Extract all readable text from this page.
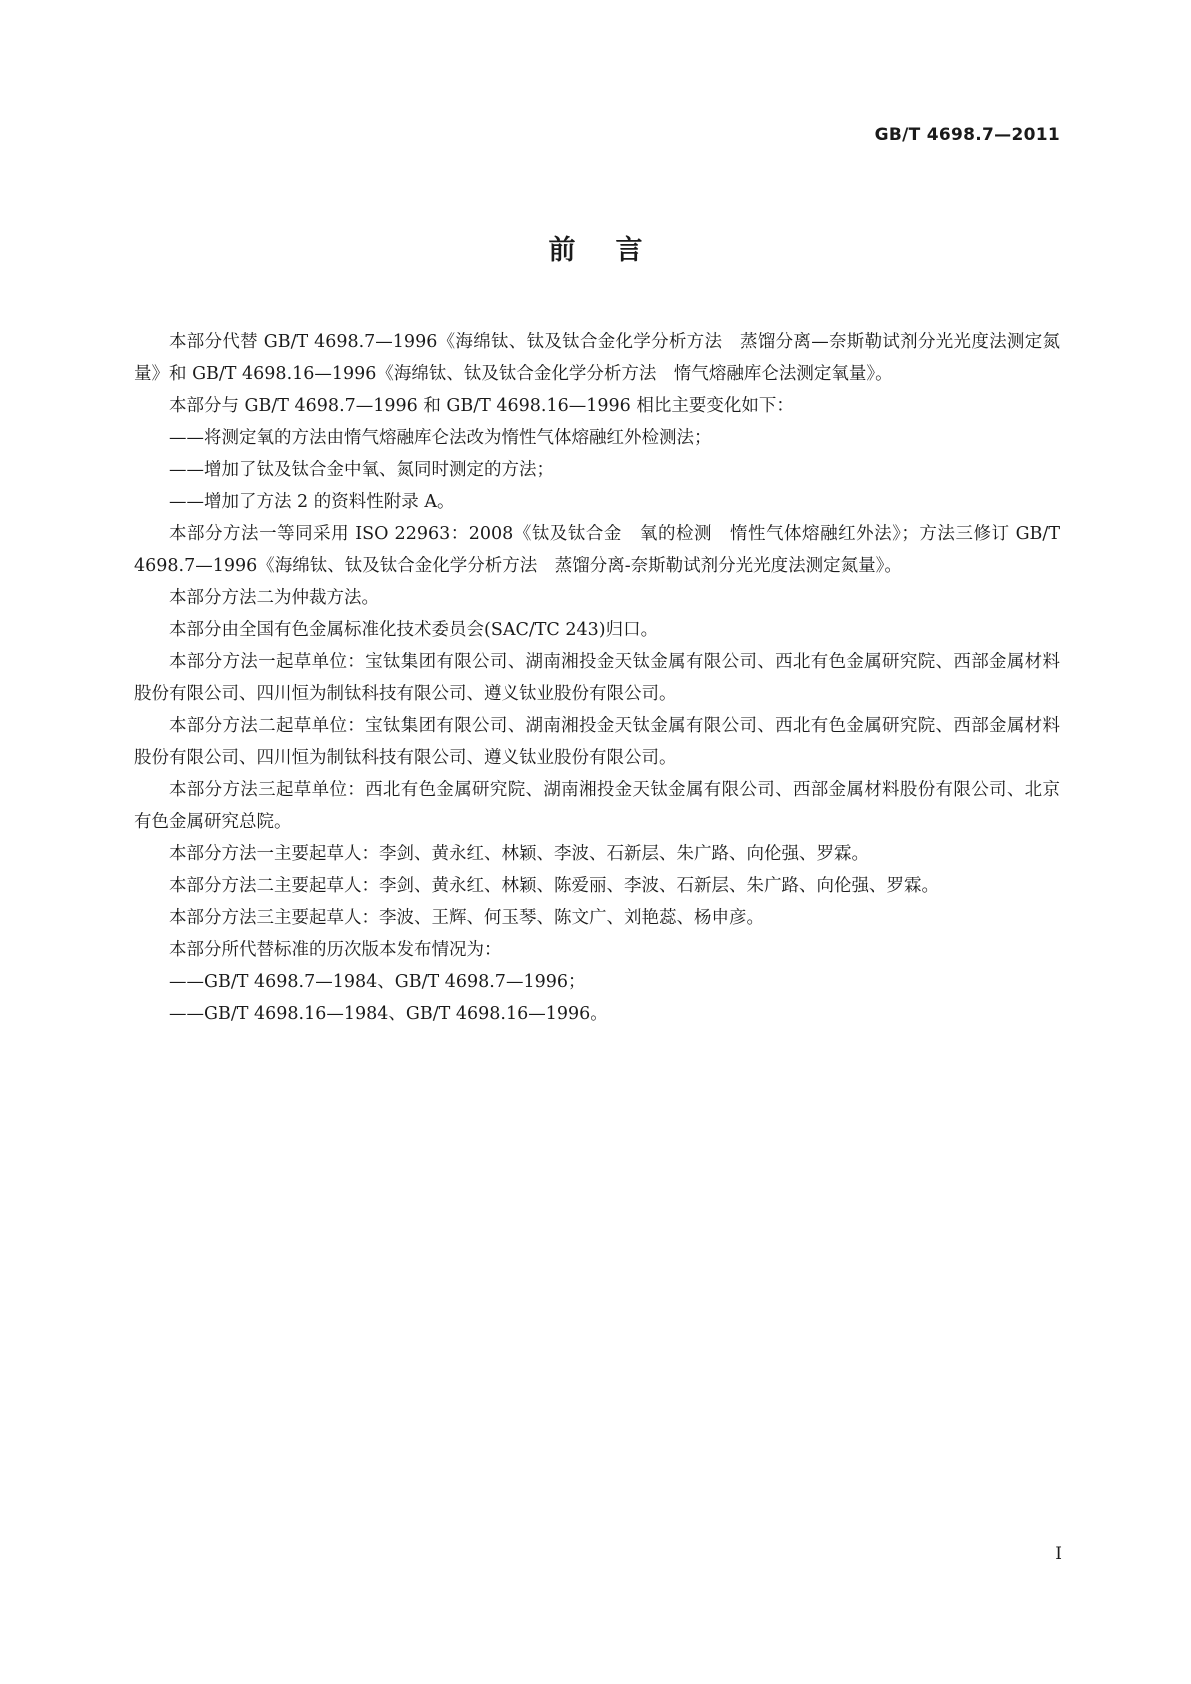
GB/T 4698.7—2011
前言

本部分代替 GB/T 4698.7—1996《海绵钛、钛及钛合金化学分析方法　蒸馏分离—奈斯勒试剂分光光度法测定氮量》和 GB/T 4698.16—1996《海绵钛、钛及钛合金化学分析方法　惰气熔融库仑法测定氧量》。

本部分与 GB/T 4698.7—1996 和 GB/T 4698.16—1996 相比主要变化如下：

——将测定氧的方法由惰气熔融库仑法改为惰性气体熔融红外检测法；

——增加了钛及钛合金中氧、氮同时测定的方法；

——增加了方法 2 的资料性附录 A。

本部分方法一等同采用 ISO 22963：2008《钛及钛合金　氧的检测　惰性气体熔融红外法》；方法三修订 GB/T 4698.7—1996《海绵钛、钛及钛合金化学分析方法　蒸馏分离-奈斯勒试剂分光光度法测定氮量》。

本部分方法二为仲裁方法。

本部分由全国有色金属标准化技术委员会(SAC/TC 243)归口。

本部分方法一起草单位：宝钛集团有限公司、湖南湘投金天钛金属有限公司、西北有色金属研究院、西部金属材料股份有限公司、四川恒为制钛科技有限公司、遵义钛业股份有限公司。

本部分方法二起草单位：宝钛集团有限公司、湖南湘投金天钛金属有限公司、西北有色金属研究院、西部金属材料股份有限公司、四川恒为制钛科技有限公司、遵义钛业股份有限公司。

本部分方法三起草单位：西北有色金属研究院、湖南湘投金天钛金属有限公司、西部金属材料股份有限公司、北京有色金属研究总院。

本部分方法一主要起草人：李剑、黄永红、林颖、李波、石新层、朱广路、向伦强、罗霖。

本部分方法二主要起草人：李剑、黄永红、林颖、陈爱丽、李波、石新层、朱广路、向伦强、罗霖。

本部分方法三主要起草人：李波、王辉、何玉琴、陈文广、刘艳蕊、杨申彦。

本部分所代替标准的历次版本发布情况为：

——GB/T 4698.7—1984、GB/T 4698.7—1996；

——GB/T 4698.16—1984、GB/T 4698.16—1996。

I
